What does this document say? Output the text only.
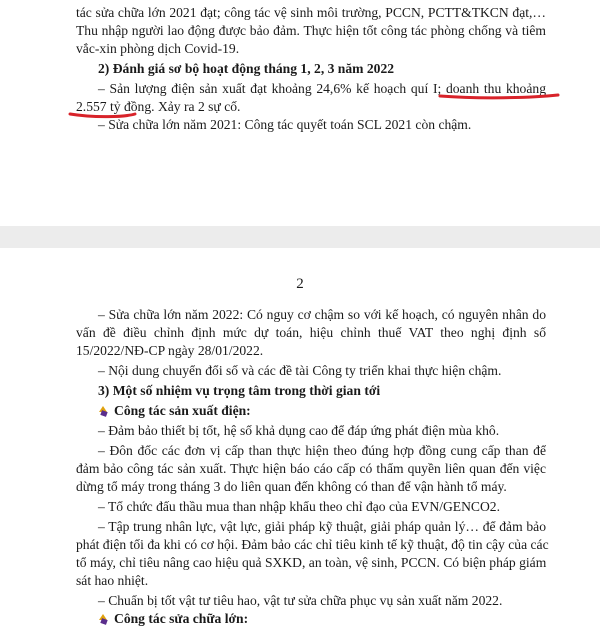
tác sửa chữa lớn 2021 đạt; công tác vệ sinh môi trường, PCCN, PCTT&TKCN đạt,…
Thu nhập người lao động được bảo đảm. Thực hiện tốt công tác phòng chống và tiêm
vắc-xin phòng dịch Covid-19.
2) Đánh giá sơ bộ hoạt động tháng 1, 2, 3 năm 2022
– Sản lượng điện sản xuất đạt khoảng 24,6% kế hoạch quí I; doanh thu khoảng
2.557 tỷ đồng. Xảy ra 2 sự cố.
– Sửa chữa lớn năm 2021: Công tác quyết toán SCL 2021 còn chậm.
2
– Sửa chữa lớn năm 2022: Có nguy cơ chậm so với kế hoạch, có nguyên nhân do
vấn đề điều chỉnh định mức dự toán, hiệu chỉnh thuế VAT theo nghị định số
15/2022/NĐ-CP ngày 28/01/2022.
– Nội dung chuyển đổi số và các đề tài Công ty triển khai thực hiện chậm.
3) Một số nhiệm vụ trọng tâm trong thời gian tới
Công tác sản xuất điện:
– Đảm bảo thiết bị tốt, hệ số khả dụng cao để đáp ứng phát điện mùa khô.
– Đôn đốc các đơn vị cấp than thực hiện theo đúng hợp đồng cung cấp than để
đảm bảo công tác sản xuất. Thực hiện báo cáo cấp có thẩm quyền liên quan đến việc
dừng tổ máy trong tháng 3 do liên quan đến không có than để vận hành tổ máy.
– Tổ chức đấu thầu mua than nhập khẩu theo chỉ đạo của EVN/GENCO2.
– Tập trung nhân lực, vật lực, giải pháp kỹ thuật, giải pháp quản lý… để đảm bảo
phát điện tối đa khi có cơ hội. Đảm bảo các chỉ tiêu kinh tế kỹ thuật, độ tin cậy của các
tổ máy, chỉ tiêu nâng cao hiệu quả SXKD, an toàn, vệ sinh, PCCN. Có biện pháp giám
sát hao nhiệt.
– Chuẩn bị tốt vật tư tiêu hao, vật tư sửa chữa phục vụ sản xuất năm 2022.
Công tác sửa chữa lớn:
